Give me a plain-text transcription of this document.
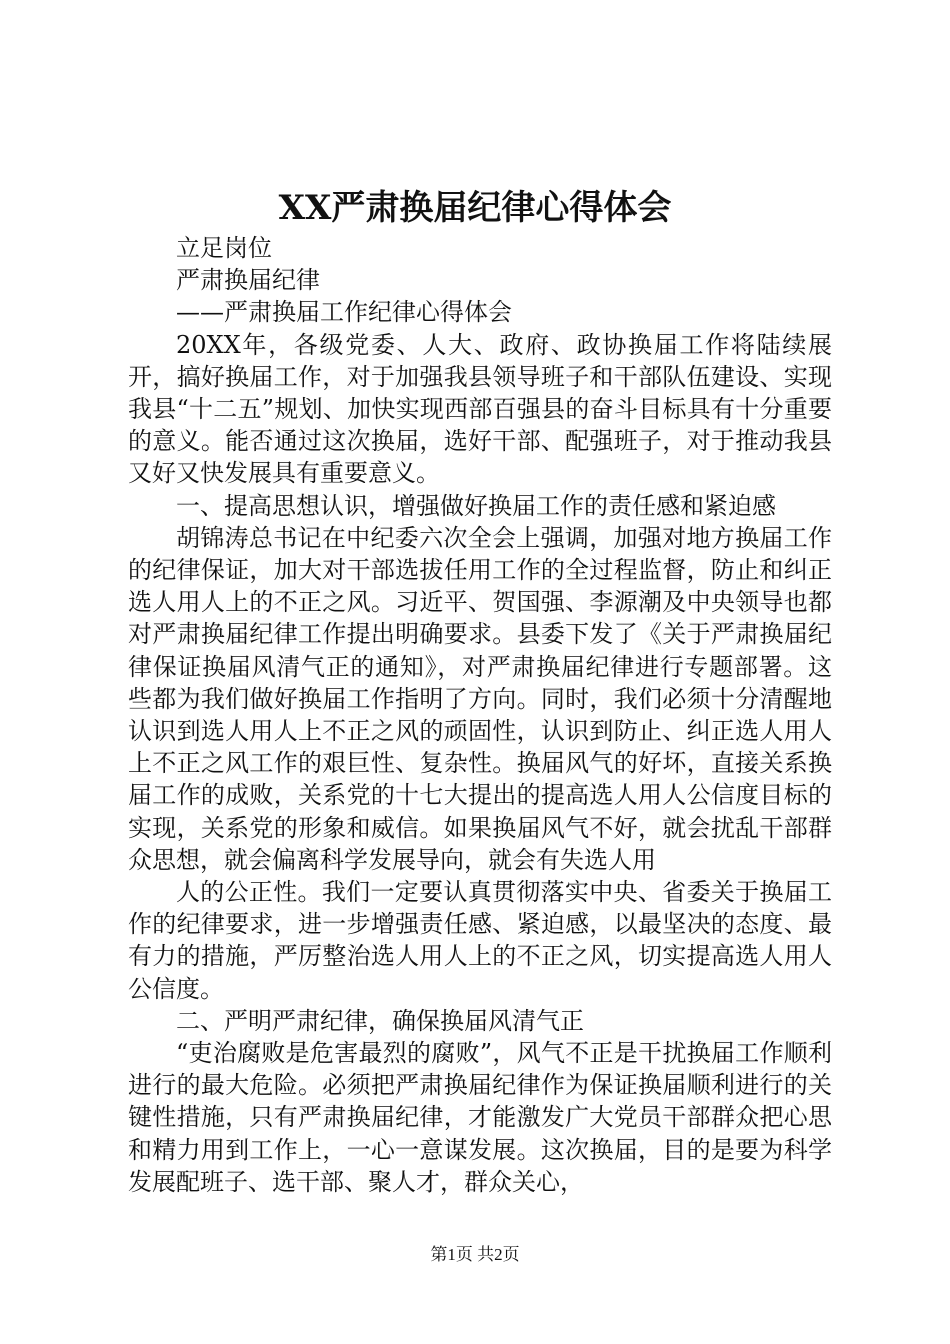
XX严肃换届纪律心得体会

立足岗位

严肃换届纪律

——严肃换届工作纪律心得体会

20XX年，各级党委、人大、政府、政协换届工作将陆续展开，搞好换届工作，对于加强我县领导班子和干部队伍建设、实现我县“十二五”规划、加快实现西部百强县的奋斗目标具有十分重要的意义。能否通过这次换届，选好干部、配强班子，对于推动我县又好又快发展具有重要意义。

一、提高思想认识，增强做好换届工作的责任感和紧迫感

胡锦涛总书记在中纪委六次全会上强调，加强对地方换届工作的纪律保证，加大对干部选拔任用工作的全过程监督，防止和纠正选人用人上的不正之风。习近平、贺国强、李源潮及中央领导也都对严肃换届纪律工作提出明确要求。县委下发了《关于严肃换届纪律保证换届风清气正的通知》，对严肃换届纪律进行专题部署。这些都为我们做好换届工作指明了方向。同时，我们必须十分清醒地认识到选人用人上不正之风的顽固性，认识到防止、纠正选人用人上不正之风工作的艰巨性、复杂性。换届风气的好坏，直接关系换届工作的成败，关系党的十七大提出的提高选人用人公信度目标的实现，关系党的形象和威信。如果换届风气不好，就会扰乱干部群众思想，就会偏离科学发展导向，就会有失选人用

人的公正性。我们一定要认真贯彻落实中央、省委关于换届工作的纪律要求，进一步增强责任感、紧迫感，以最坚决的态度、最有力的措施，严厉整治选人用人上的不正之风，切实提高选人用人公信度。

二、严明严肃纪律，确保换届风清气正

“吏治腐败是危害最烈的腐败”，风气不正是干扰换届工作顺利进行的最大危险。必须把严肃换届纪律作为保证换届顺利进行的关键性措施，只有严肃换届纪律，才能激发广大党员干部群众把心思和精力用到工作上，一心一意谋发展。这次换届，目的是要为科学发展配班子、选干部、聚人才，群众关心，

第1页 共2页
